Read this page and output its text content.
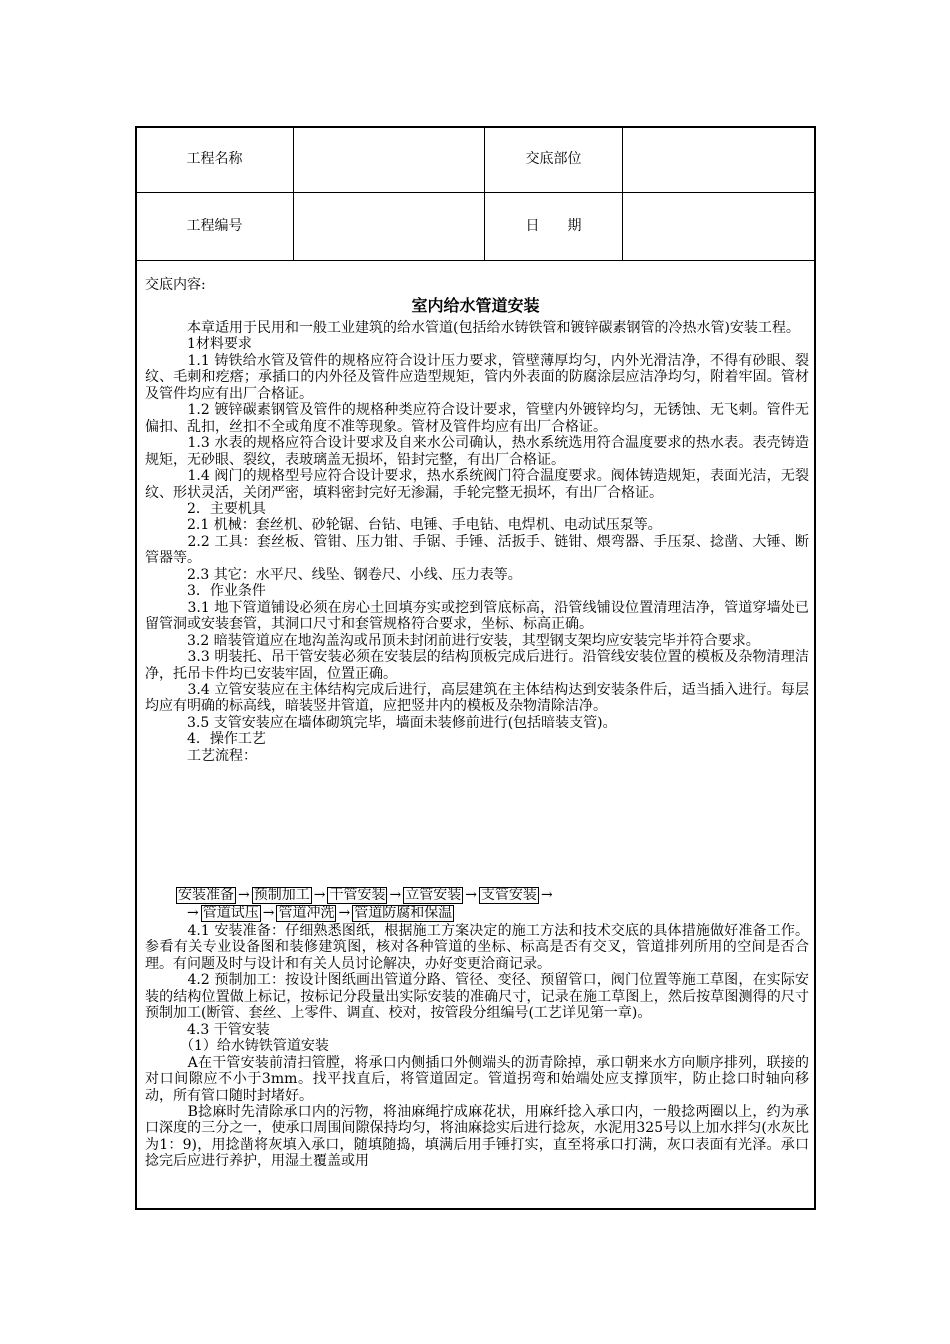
工程名称	交底部位
工程编号	日　　期
交底内容:
室内给水管道安装

　　　本章适用于民用和一般工业建筑的给水管道(包括给水铸铁管和镀锌碳素钢管的冷热水管)安装工程。

　　　1材料要求

　　　1.1 铸铁给水管及管件的规格应符合设计压力要求，管壁薄厚均匀，内外光滑洁净，不得有砂眼、裂纹、毛刺和疙瘩；承插口的内外径及管件应造型规矩，管内外表面的防腐涂层应洁净均匀，附着牢固。管材及管件均应有出厂合格证。

　　　1.2 镀锌碳素钢管及管件的规格种类应符合设计要求，管壁内外镀锌均匀，无锈蚀、无飞刺。管件无偏扣、乱扣，丝扣不全或角度不准等现象。管材及管件均应有出厂合格证。

　　　1.3 水表的规格应符合设计要求及自来水公司确认，热水系统选用符合温度要求的热水表。表壳铸造规矩，无砂眼、裂纹，表玻璃盖无损坏，铅封完整，有出厂合格证。

　　　1.4 阀门的规格型号应符合设计要求，热水系统阀门符合温度要求。阀体铸造规矩，表面光洁，无裂纹、形状灵活，关闭严密，填料密封完好无渗漏，手轮完整无损坏，有出厂合格证。

　　　2．主要机具

　　　2.1 机械：套丝机、砂轮锯、台钻、电锤、手电钻、电焊机、电动试压泵等。

　　　2.2 工具：套丝板、管钳、压力钳、手锯、手锤、活扳手、链钳、煨弯器、手压泵、捻凿、大锤、断管器等。

　　　2.3 其它：水平尺、线坠、钢卷尺、小线、压力表等。

　　　3．作业条件

　　　3.1 地下管道铺设必须在房心土回填夯实或挖到管底标高，沿管线铺设位置清理洁净，管道穿墙处已留管洞或安装套管，其洞口尺寸和套管规格符合要求，坐标、标高正确。

　　　3.2 暗装管道应在地沟盖沟或吊顶未封闭前进行安装，其型钢支架均应安装完毕并符合要求。

　　　3.3 明装托、吊干管安装必须在安装层的结构顶板完成后进行。沿管线安装位置的模板及杂物清理洁净，托吊卡件均已安装牢固，位置正确。

　　　3.4 立管安装应在主体结构完成后进行，高层建筑在主体结构达到安装条件后，适当插入进行。每层均应有明确的标高线，暗装竖井管道，应把竖井内的模板及杂物清除洁净。

　　　3.5 支管安装应在墙体砌筑完毕，墙面未装修前进行(包括暗装支管)。

　　　4．操作工艺

　　　工艺流程：

安装准备 → 预制加工 → 干管安装 → 立管安装 → 支管安装 →
→ 管道试压 → 管道冲洗 → 管道防腐和保温

　　　4.1 安装准备：仔细熟悉图纸，根据施工方案决定的施工方法和技术交底的具体措施做好准备工作。参看有关专业设备图和装修建筑图，核对各种管道的坐标、标高是否有交叉，管道排列所用的空间是否合理。有问题及时与设计和有关人员讨论解决，办好变更洽商记录。

　　　4.2 预制加工：按设计图纸画出管道分路、管径、变径、预留管口，阀门位置等施工草图，在实际安装的结构位置做上标记，按标记分段量出实际安装的准确尺寸，记录在施工草图上，然后按草图测得的尺寸预制加工(断管、套丝、上零件、调直、校对，按管段分组编号(工艺详见第一章)。

　　　4.3 干管安装

　　　（1）给水铸铁管道安装

　　　A在干管安装前清扫管膛，将承口内侧插口外侧端头的沥青除掉，承口朝来水方向顺序排列，联接的对口间隙应不小于3mm。找平找直后，将管道固定。管道拐弯和始端处应支撑顶牢，防止捻口时轴向移动，所有管口随时封堵好。

　　　B捻麻时先清除承口内的污物，将油麻绳拧成麻花状，用麻纤捻入承口内，一般捻两圈以上，约为承口深度的三分之一，使承口周围间隙保持均匀，将油麻捻实后进行捻灰，水泥用325号以上加水拌匀(水灰比为1：9)，用捻凿将灰填入承口，随填随捣，填满后用手锤打实，直至将承口打满，灰口表面有光泽。承口捻完后应进行养护，用湿土覆盖或用
